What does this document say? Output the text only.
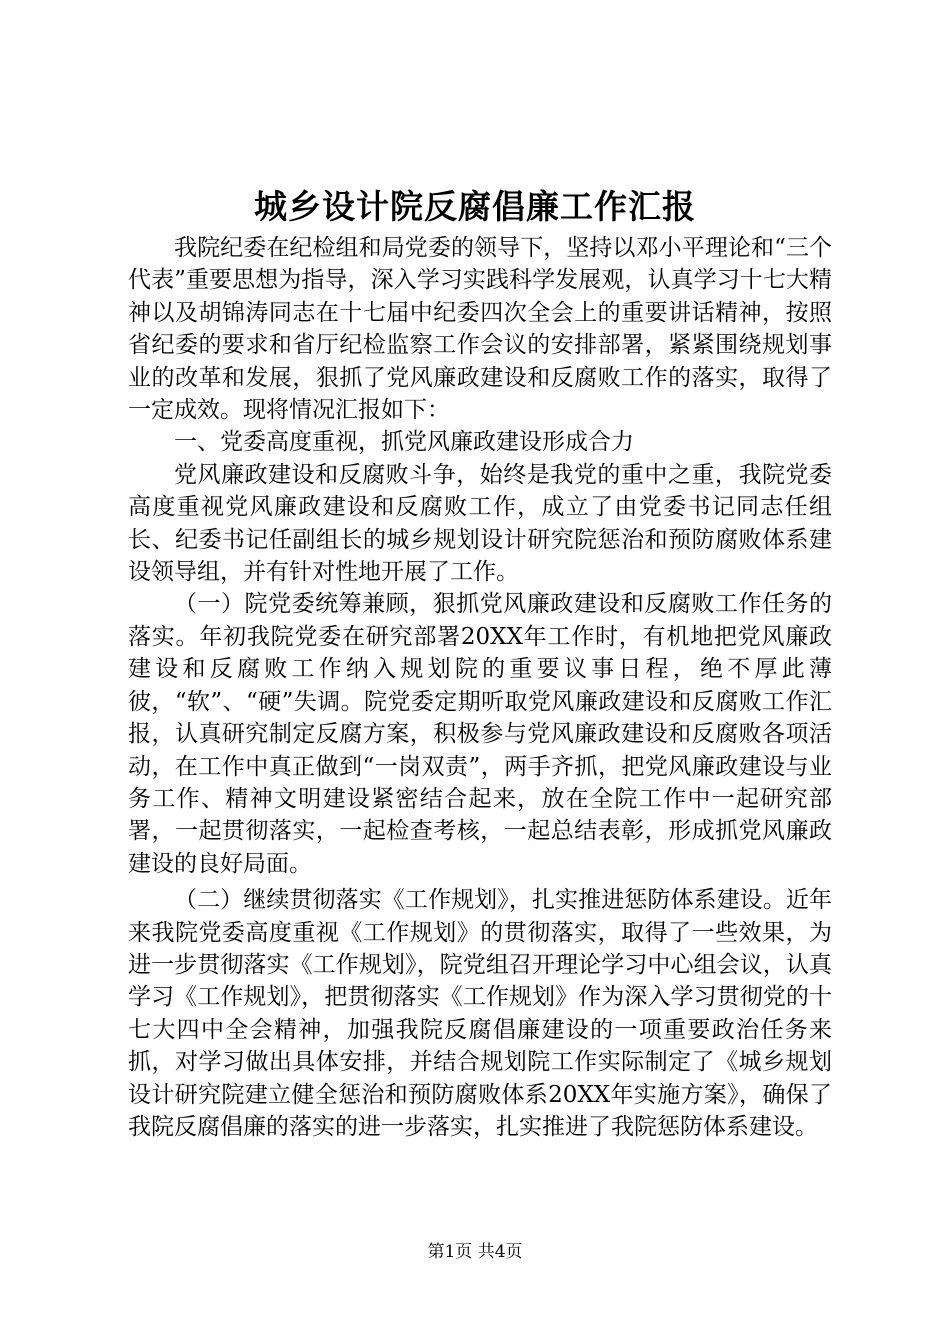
城乡设计院反腐倡廉工作汇报

我院纪委在纪检组和局党委的领导下，坚持以邓小平理论和“三个代表”重要思想为指导，深入学习实践科学发展观，认真学习十七大精神以及胡锦涛同志在十七届中纪委四次全会上的重要讲话精神，按照省纪委的要求和省厅纪检监察工作会议的安排部署，紧紧围绕规划事业的改革和发展，狠抓了党风廉政建设和反腐败工作的落实，取得了一定成效。现将情况汇报如下：

一、党委高度重视，抓党风廉政建设形成合力

党风廉政建设和反腐败斗争，始终是我党的重中之重，我院党委高度重视党风廉政建设和反腐败工作，成立了由党委书记同志任组长、纪委书记任副组长的城乡规划设计研究院惩治和预防腐败体系建设领导组，并有针对性地开展了工作。

（一）院党委统筹兼顾，狠抓党风廉政建设和反腐败工作任务的落实。年初我院党委在研究部署20XX年工作时，有机地把党风廉政建设和反腐败工作纳入规划院的重要议事日程，绝不厚此薄彼，“软”、“硬”失调。院党委定期听取党风廉政建设和反腐败工作汇报，认真研究制定反腐方案，积极参与党风廉政建设和反腐败各项活动，在工作中真正做到“一岗双责”，两手齐抓，把党风廉政建设与业务工作、精神文明建设紧密结合起来，放在全院工作中一起研究部署，一起贯彻落实，一起检查考核，一起总结表彰，形成抓党风廉政建设的良好局面。

（二）继续贯彻落实《工作规划》，扎实推进惩防体系建设。近年来我院党委高度重视《工作规划》的贯彻落实，取得了一些效果，为进一步贯彻落实《工作规划》，院党组召开理论学习中心组会议，认真学习《工作规划》，把贯彻落实《工作规划》作为深入学习贯彻党的十七大四中全会精神，加强我院反腐倡廉建设的一项重要政治任务来抓，对学习做出具体安排，并结合规划院工作实际制定了《城乡规划设计研究院建立健全惩治和预防腐败体系20XX年实施方案》，确保了我院反腐倡廉的落实的进一步落实，扎实推进了我院惩防体系建设。

第1页 共4页
